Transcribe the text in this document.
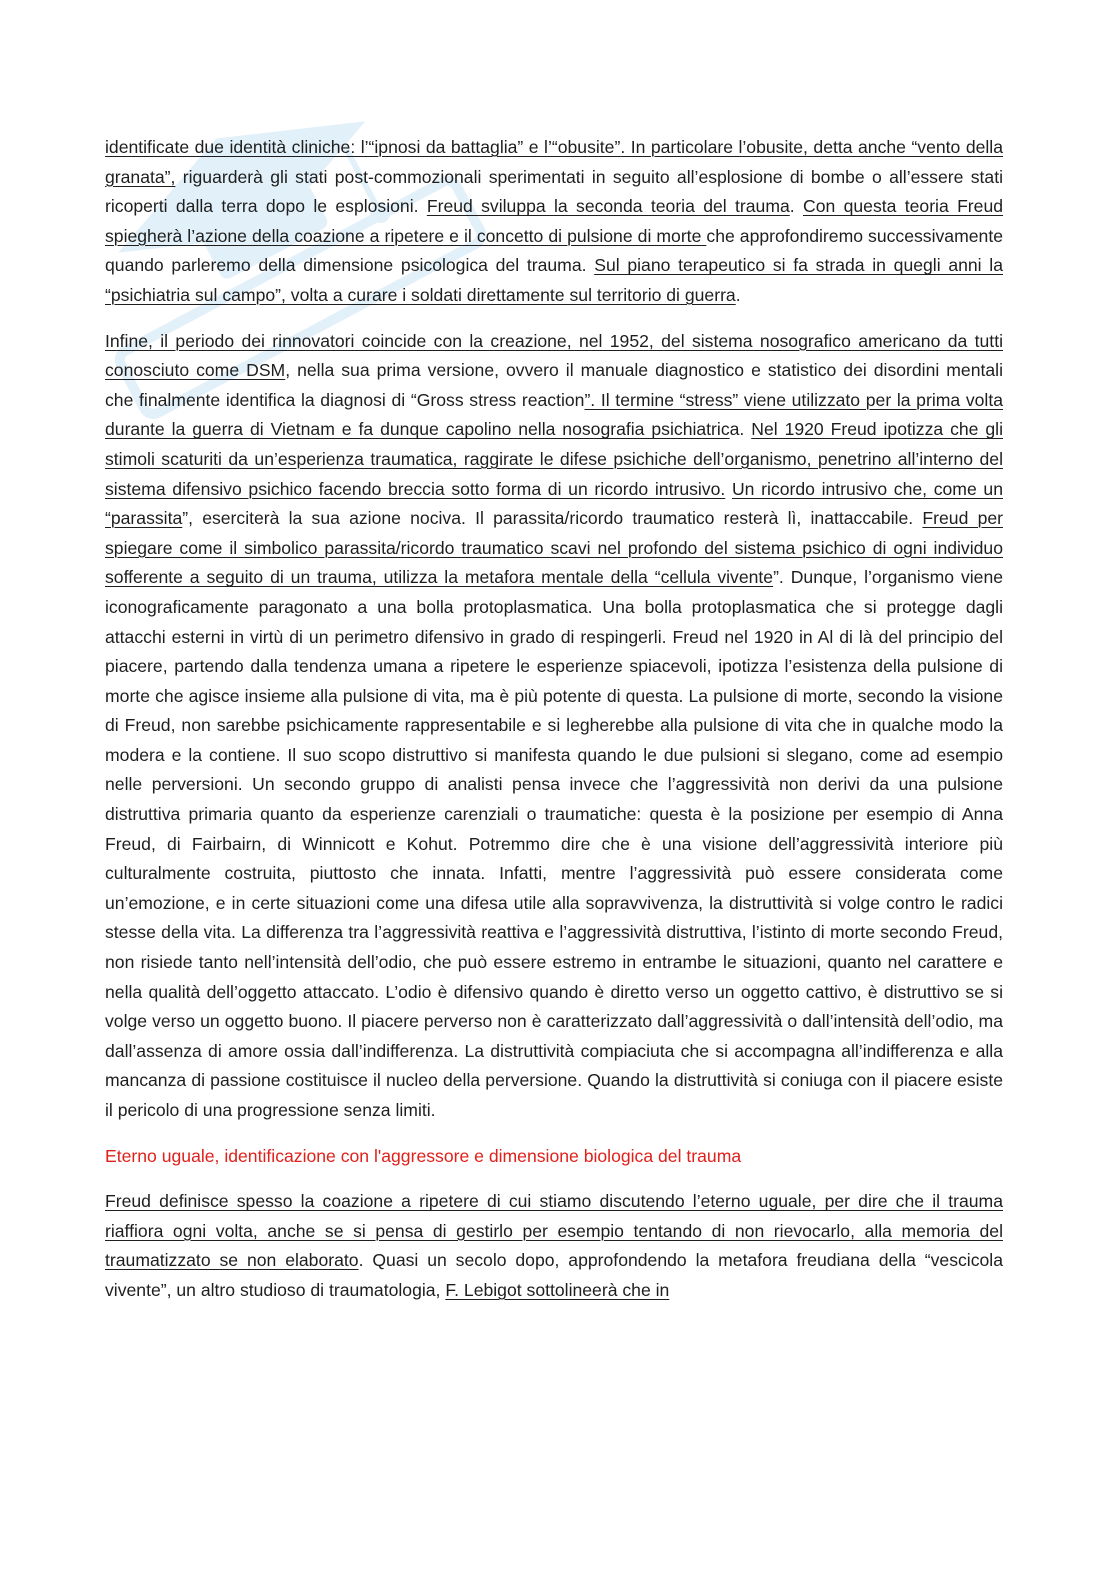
identificate due identità cliniche: l’“ipnosi da battaglia” e l’“obusite”. In particolare l’obusite, detta anche “vento della granata”, riguarderà gli stati post-commozionali sperimentati in seguito all’esplosione di bombe o all’essere stati ricoperti dalla terra dopo le esplosioni. Freud sviluppa la seconda teoria del trauma. Con questa teoria Freud spiegherà l’azione della coazione a ripetere e il concetto di pulsione di morte che approfondiremo successivamente quando parleremo della dimensione psicologica del trauma. Sul piano terapeutico si fa strada in quegli anni la “psichiatria sul campo”, volta a curare i soldati direttamente sul territorio di guerra.

Infine, il periodo dei rinnovatori coincide con la creazione, nel 1952, del sistema nosografico americano da tutti conosciuto come DSM, nella sua prima versione, ovvero il manuale diagnostico e statistico dei disordini mentali che finalmente identifica la diagnosi di “Gross stress reaction”. Il termine “stress” viene utilizzato per la prima volta durante la guerra di Vietnam e fa dunque capolino nella nosografia psichiatrica. Nel 1920 Freud ipotizza che gli stimoli scaturiti da un’esperienza traumatica, raggirate le difese psichiche dell’organismo, penetrino all’interno del sistema difensivo psichico facendo breccia sotto forma di un ricordo intrusivo. Un ricordo intrusivo che, come un “parassita”, eserciterà la sua azione nociva. Il parassita/ricordo traumatico resterà lì, inattaccabile. Freud per spiegare come il simbolico parassita/ricordo traumatico scavi nel profondo del sistema psichico di ogni individuo sofferente a seguito di un trauma, utilizza la metafora mentale della “cellula vivente”. Dunque, l’organismo viene iconograficamente paragonato a una bolla protoplasmatica. Una bolla protoplasmatica che si protegge dagli attacchi esterni in virtù di un perimetro difensivo in grado di respingerli. Freud nel 1920 in Al di là del principio del piacere, partendo dalla tendenza umana a ripetere le esperienze spiacevoli, ipotizza l’esistenza della pulsione di morte che agisce insieme alla pulsione di vita, ma è più potente di questa. La pulsione di morte, secondo la visione di Freud, non sarebbe psichicamente rappresentabile e si legherebbe alla pulsione di vita che in qualche modo la modera e la contiene. Il suo scopo distruttivo si manifesta quando le due pulsioni si slegano, come ad esempio nelle perversioni. Un secondo gruppo di analisti pensa invece che l’aggressività non derivi da una pulsione distruttiva primaria quanto da esperienze carenziali o traumatiche: questa è la posizione per esempio di Anna Freud, di Fairbairn, di Winnicott e Kohut. Potremmo dire che è una visione dell’aggressività interiore più culturalmente costruita, piuttosto che innata. Infatti, mentre l’aggressività può essere considerata come un’emozione, e in certe situazioni come una difesa utile alla sopravvivenza, la distruttività si volge contro le radici stesse della vita. La differenza tra l’aggressività reattiva e l’aggressività distruttiva, l’istinto di morte secondo Freud, non risiede tanto nell’intensità dell’odio, che può essere estremo in entrambe le situazioni, quanto nel carattere e nella qualità dell’oggetto attaccato. L’odio è difensivo quando è diretto verso un oggetto cattivo, è distruttivo se si volge verso un oggetto buono. Il piacere perverso non è caratterizzato dall’aggressività o dall’intensità dell’odio, ma dall’assenza di amore ossia dall’indifferenza. La distruttività compiaciuta che si accompagna all’indifferenza e alla mancanza di passione costituisce il nucleo della perversione. Quando la distruttività si coniuga con il piacere esiste il pericolo di una progressione senza limiti.

Eterno uguale, identificazione con l'aggressore e dimensione biologica del trauma

Freud definisce spesso la coazione a ripetere di cui stiamo discutendo l’eterno uguale, per dire che il trauma riaffiora ogni volta, anche se si pensa di gestirlo per esempio tentando di non rievocarlo, alla memoria del traumatizzato se non elaborato. Quasi un secolo dopo, approfondendo la metafora freudiana della “vescicola vivente”, un altro studioso di traumatologia, F. Lebigot sottolineerà che in
